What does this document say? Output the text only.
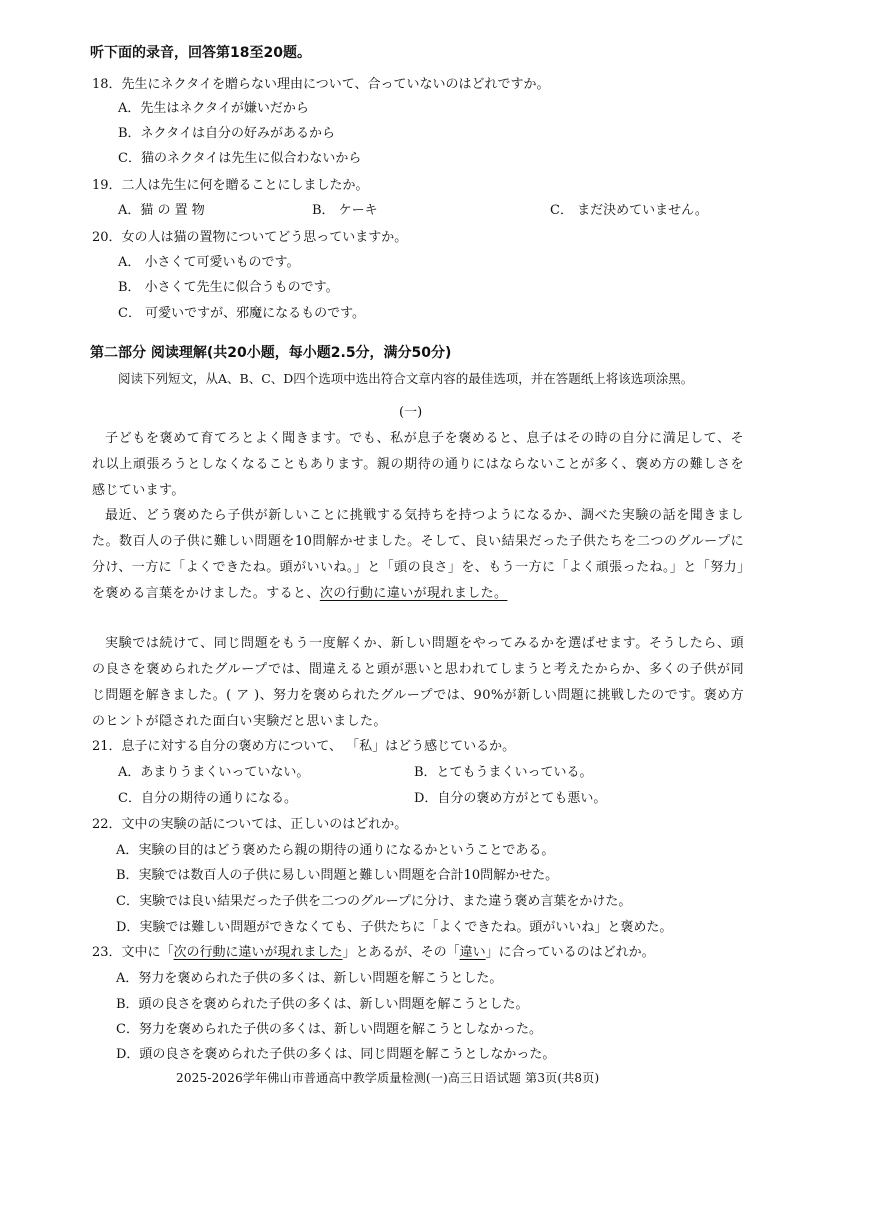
听下面的录音，回答第18至20题。
18．先生にネクタイを贈らない理由について、合っていないのはどれですか。
A．先生はネクタイが嫌いだから
B．ネクタイは自分の好みがあるから
C．猫のネクタイは先生に似合わないから
19．二人は先生に何を贈ることにしましたか。
A．猫 の 置 物	B． ケーキ	C． まだ決めていません。
20．女の人は猫の置物についてどう思っていますか。
A． 小さくて可愛いものです。
B． 小さくて先生に似合うものです。
C． 可愛いですが、邪魔になるものです。
第二部分 阅读理解(共20小题，每小题2.5分，满分50分)
阅读下列短文，从A、B、C、D四个选项中选出符合文章内容的最佳选项，并在答题纸上将该选项涂黑。
(一)
子どもを褒めて育てろとよく聞きます。でも、私が息子を褒めると、息子はその時の自分に満足して、それ以上頑張ろうとしなくなることもあります。親の期待の通りにはならないことが多く、褒め方の難しさを感じています。
最近、どう褒めたら子供が新しいことに挑戦する気持ちを持つようになるか、調べた実験の話を聞きました。数百人の子供に難しい問題を10問解かせました。そして、良い結果だった子供たちを二つのグループに分け、一方に「よくできたね。頭がいいね。」と「頭の良さ」を、もう一方に「よく頑張ったね。」と「努力」を褒める言葉をかけました。すると、次の行動に違いが現れました。
実験では続けて、同じ問題をもう一度解くか、新しい問題をやってみるかを選ばせます。そうしたら、頭の良さを褒められたグループでは、間違えると頭が悪いと思われてしまうと考えたからか、多くの子供が同じ問題を解きました。( ア )、努力を褒められたグループでは、90%が新しい問題に挑戦したのです。褒め方のヒントが隠された面白い実験だと思いました。
21．息子に対する自分の褒め方について、 「私」はどう感じているか。
A．あまりうまくいっていない。	B．とてもうまくいっている。
C．自分の期待の通りになる。	D．自分の褒め方がとても悪い。
22．文中の実験の話については、正しいのはどれか。
A．実験の目的はどう褒めたら親の期待の通りになるかということである。
B．実験では数百人の子供に易しい問題と難しい問題を合計10問解かせた。
C．実験では良い結果だった子供を二つのグループに分け、また違う褒め言葉をかけた。
D．実験では難しい問題ができなくても、子供たちに「よくできたね。頭がいいね」と褒めた。
23．文中に「次の行動に違いが現れました」とあるが、その「違い」に合っているのはどれか。
A．努力を褒められた子供の多くは、新しい問題を解こうとした。
B．頭の良さを褒められた子供の多くは、新しい問題を解こうとした。
C．努力を褒められた子供の多くは、新しい問題を解こうとしなかった。
D．頭の良さを褒められた子供の多くは、同じ問題を解こうとしなかった。
2025-2026学年佛山市普通高中教学质量检测(一)高三日语试题 第3页(共8页)
